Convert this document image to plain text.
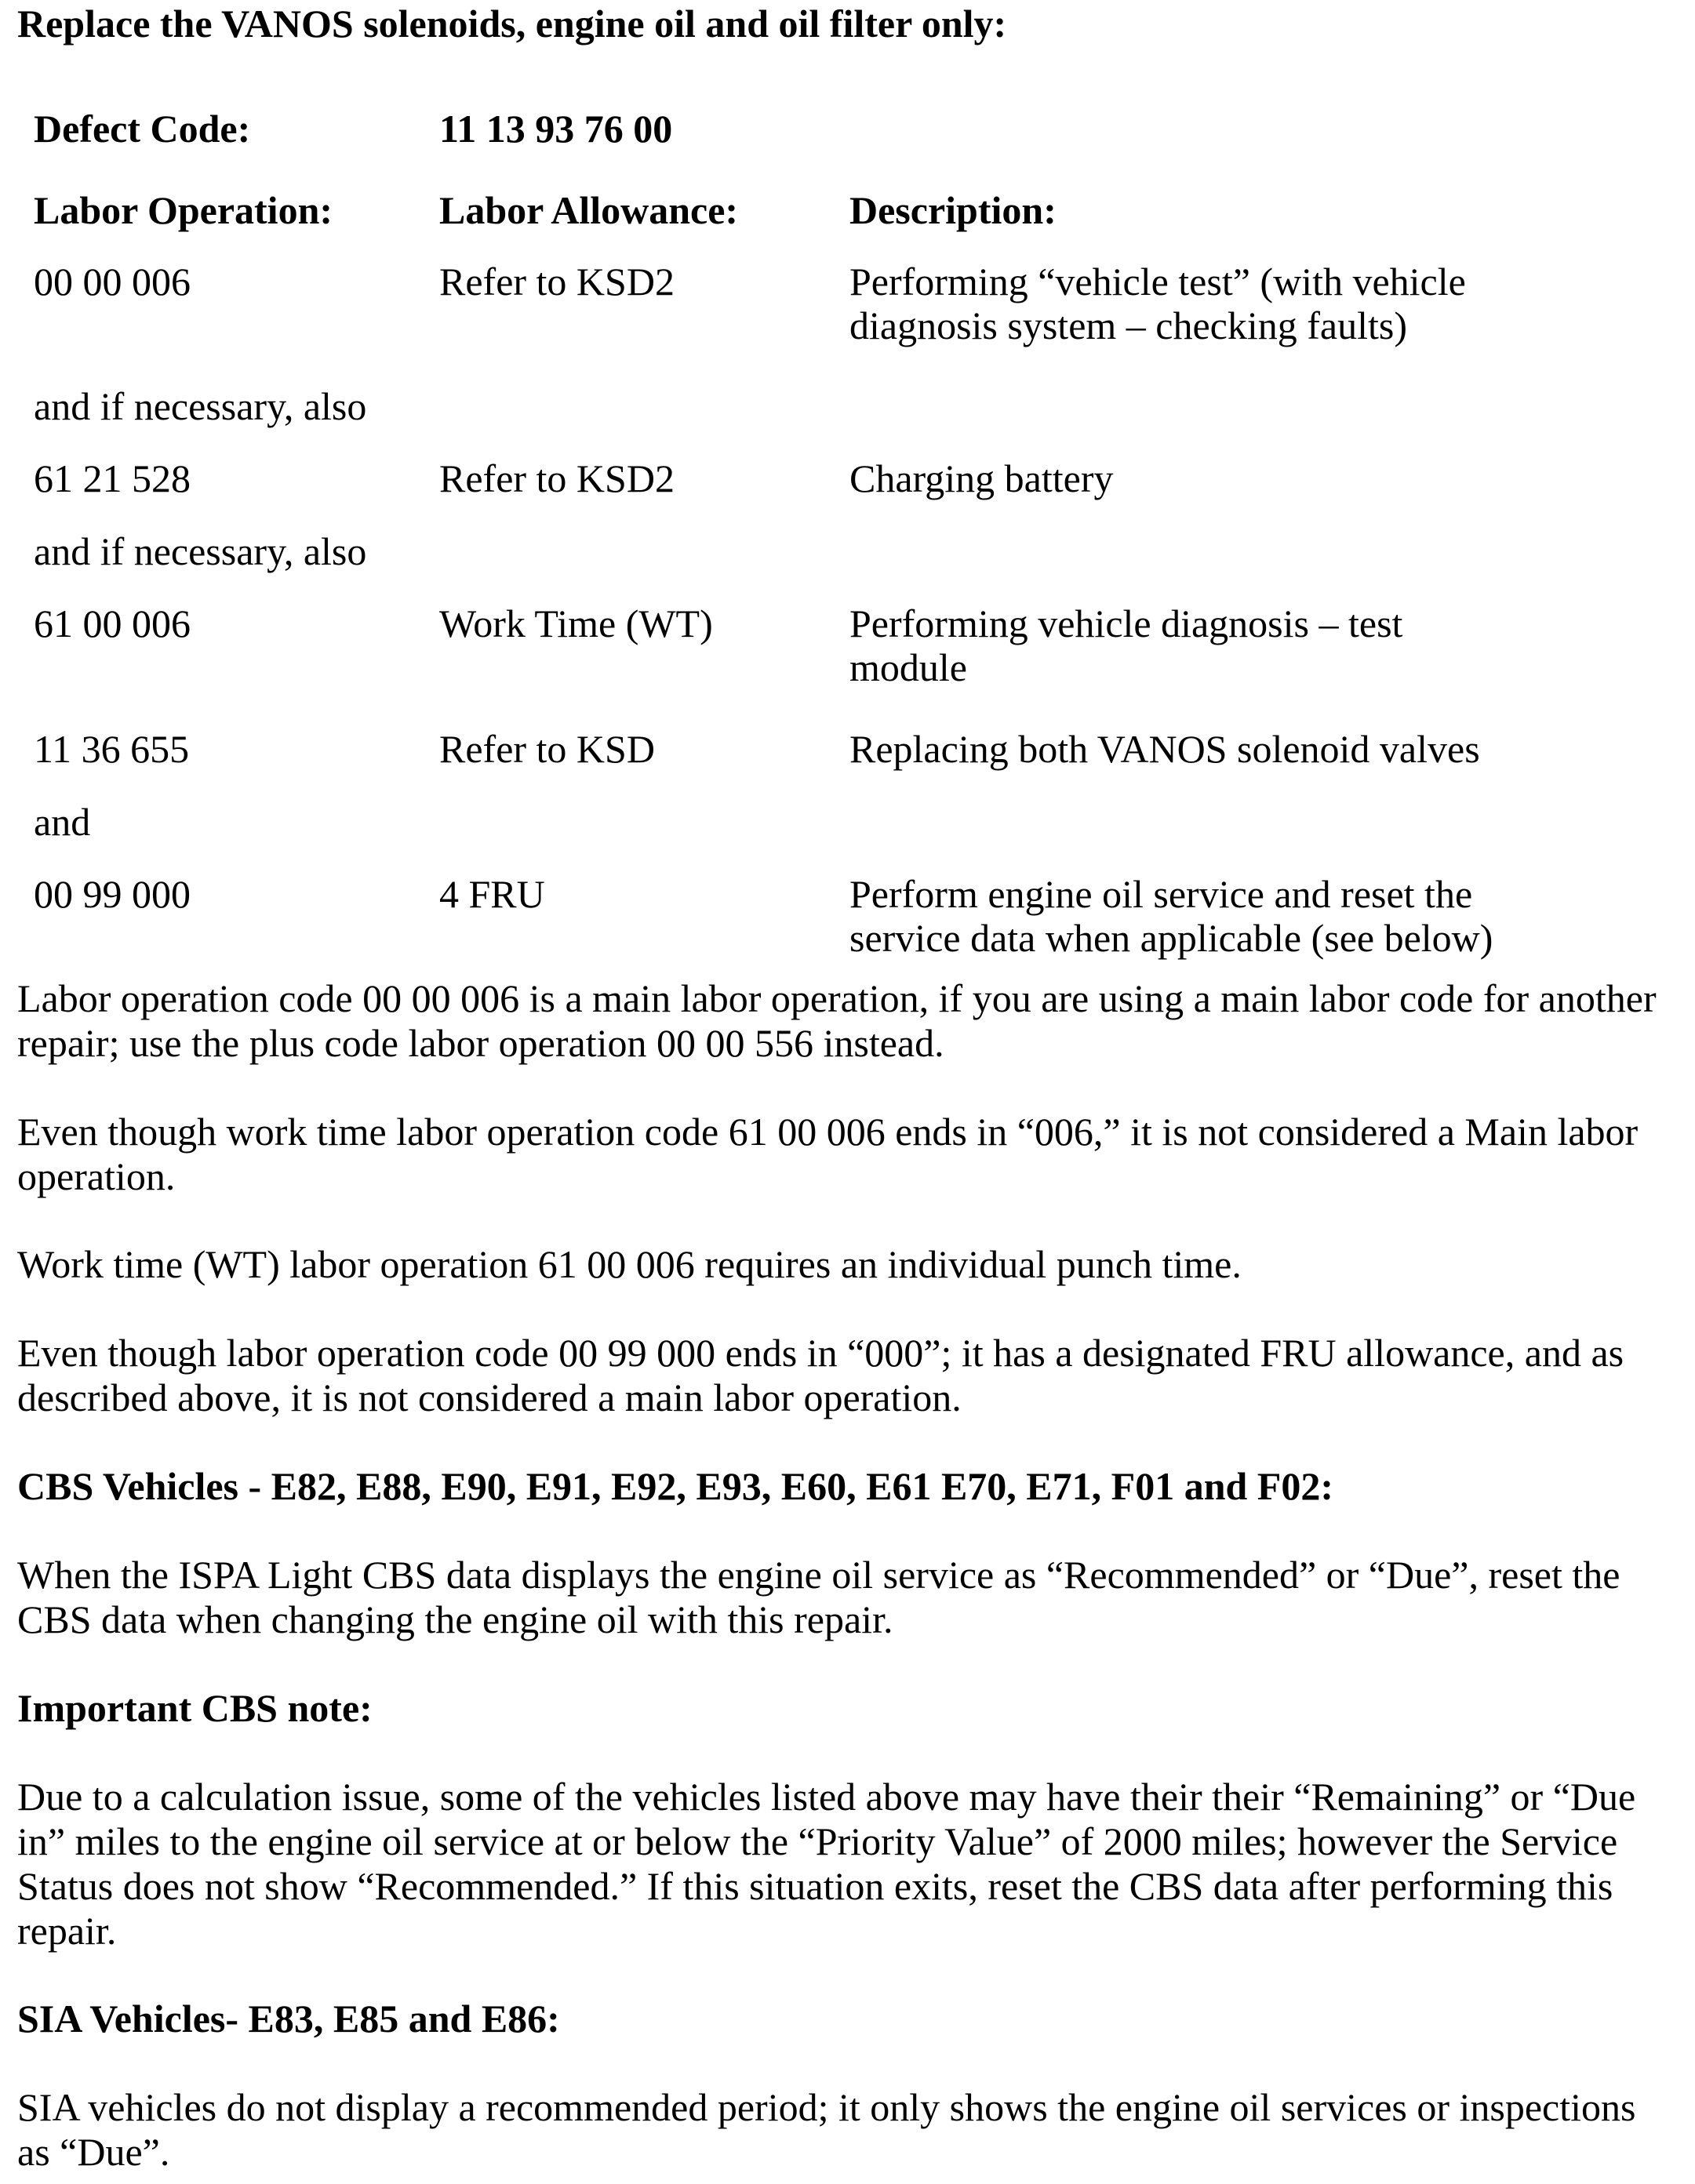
Replace the VANOS solenoids, engine oil and oil filter only:

Defect Code:	11 13 93 76 00

Labor Operation:	Labor Allowance:	Description:

00 00 006	Refer to KSD2	Performing “vehicle test” (with vehicle

diagnosis system – checking faults)

and if necessary, also

61 21 528	Refer to KSD2	Charging battery

and if necessary, also

61 00 006	Work Time (WT)	Performing vehicle diagnosis – test

module

11 36 655	Refer to KSD	Replacing both VANOS solenoid valves

and

00 99 000	4 FRU	Perform engine oil service and reset the

service data when applicable (see below)

Labor operation code 00 00 006 is a main labor operation, if you are using a main labor code for another
repair; use the plus code labor operation 00 00 556 instead.
Even though work time labor operation code 61 00 006 ends in “006,” it is not considered a Main labor
operation.
Work time (WT) labor operation 61 00 006 requires an individual punch time.
Even though labor operation code 00 99 000 ends in “000”; it has a designated FRU allowance, and as
described above, it is not considered a main labor operation.

CBS Vehicles - E82, E88, E90, E91, E92, E93, E60, E61 E70, E71, F01 and F02:

When the ISPA Light CBS data displays the engine oil service as “Recommended” or “Due”, reset the
CBS data when changing the engine oil with this repair.

Important CBS note:

Due to a calculation issue, some of the vehicles listed above may have their their “Remaining” or “Due
in” miles to the engine oil service at or below the “Priority Value” of 2000 miles; however the Service
Status does not show “Recommended.” If this situation exits, reset the CBS data after performing this
repair.

SIA Vehicles- E83, E85 and E86:

SIA vehicles do not display a recommended period; it only shows the engine oil services or inspections
as “Due”.
